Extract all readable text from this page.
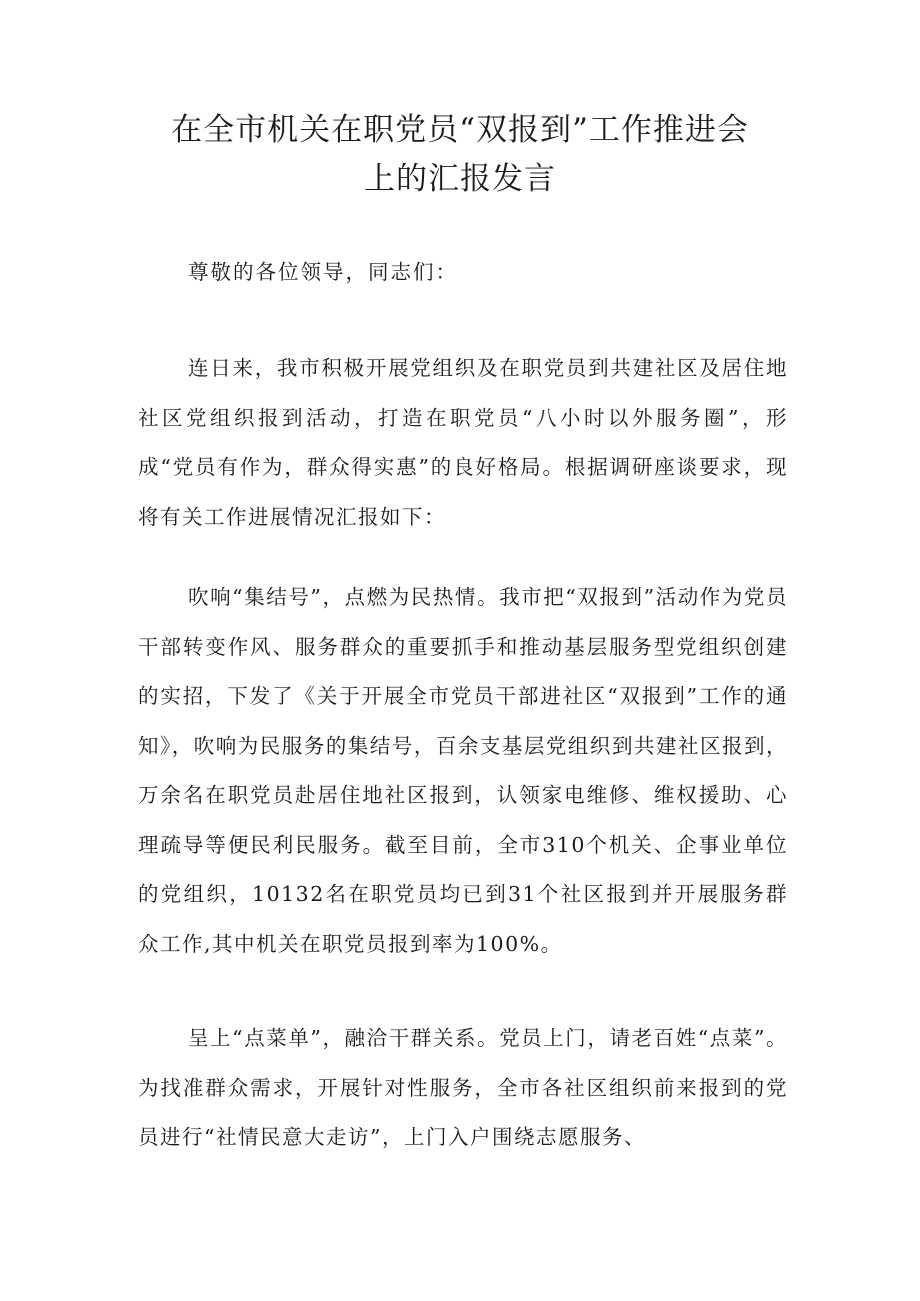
在全市机关在职党员“双报到”工作推进会
上的汇报发言

尊敬的各位领导，同志们：

连日来，我市积极开展党组织及在职党员到共建社区及居住地社区党组织报到活动，打造在职党员“八小时以外服务圈”，形成“党员有作为，群众得实惠”的良好格局。根据调研座谈要求，现将有关工作进展情况汇报如下：

吹响“集结号”，点燃为民热情。我市把“双报到”活动作为党员干部转变作风、服务群众的重要抓手和推动基层服务型党组织创建的实招，下发了《关于开展全市党员干部进社区“双报到”工作的通知》，吹响为民服务的集结号，百余支基层党组织到共建社区报到，万余名在职党员赴居住地社区报到，认领家电维修、维权援助、心理疏导等便民利民服务。截至目前，全市310个机关、企事业单位的党组织，10132名在职党员均已到31个社区报到并开展服务群众工作,其中机关在职党员报到率为100%。

呈上“点菜单”，融洽干群关系。党员上门，请老百姓“点菜”。为找准群众需求，开展针对性服务，全市各社区组织前来报到的党员进行“社情民意大走访”，上门入户围绕志愿服务、
